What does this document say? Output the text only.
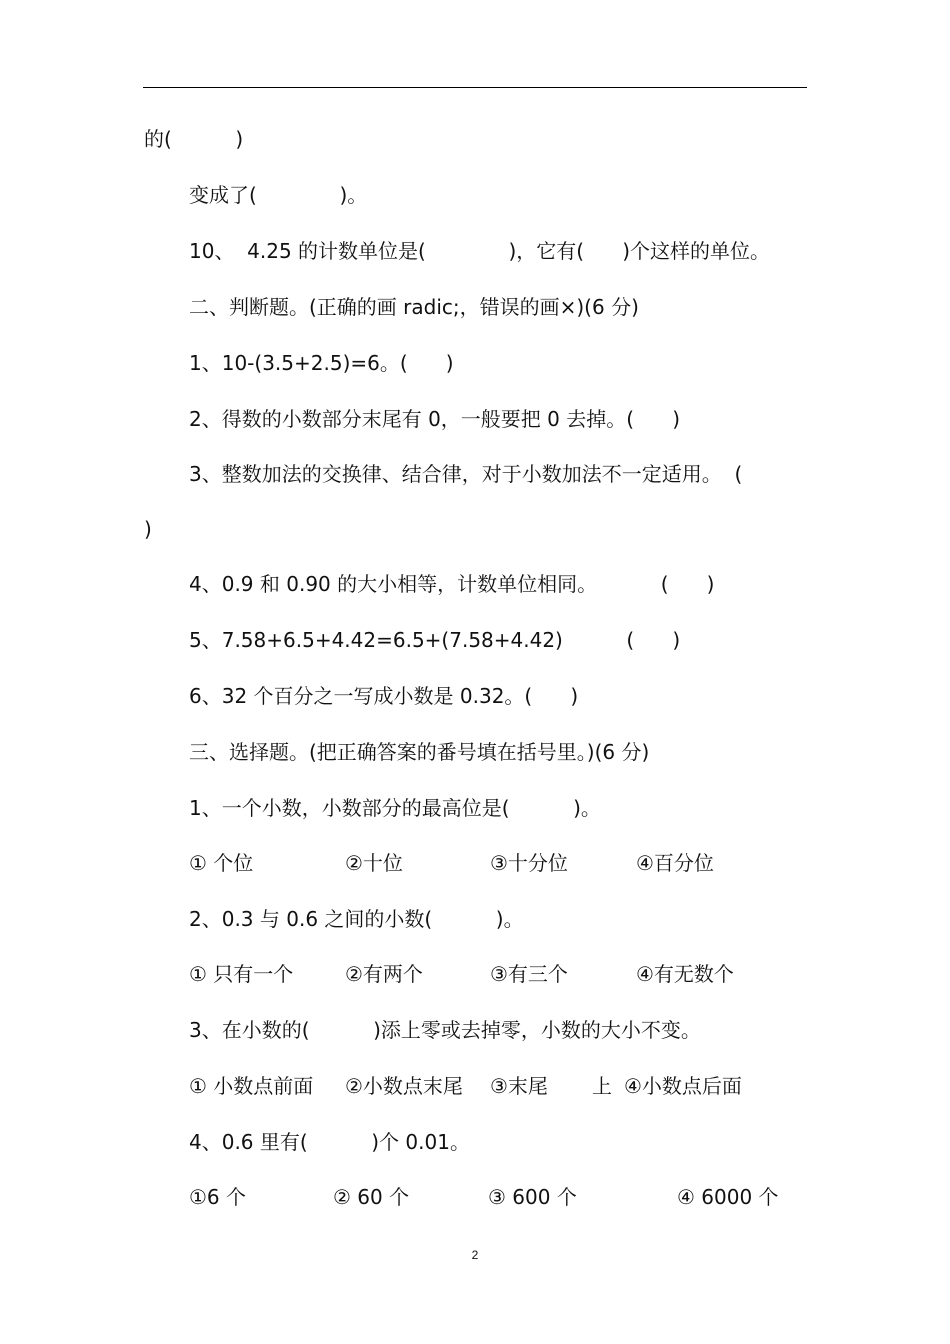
的(          )
变成了(             )。
10、  4.25 的计数单位是(             )，它有(      )个这样的单位。
二、判断题。(正确的画 radic;，错误的画×)(6 分)
1、10-(3.5+2.5)=6。(      )
2、得数的小数部分末尾有 0，一般要把 0 去掉。(      )
3、整数加法的交换律、结合律，对于小数加法不一定适用。  (
)
4、0.9 和 0.90 的大小相等，计数单位相同。          (      )
5、7.58+6.5+4.42=6.5+(7.58+4.42)          (      )
6、32 个百分之一写成小数是 0.32。(      )
三、选择题。(把正确答案的番号填在括号里。)(6 分)
1、一个小数，小数部分的最高位是(          )。
① 个位	②十位	③十分位	④百分位
2、0.3 与 0.6 之间的小数(          )。
① 只有一个	②有两个	③有三个	④有无数个
3、在小数的(          )添上零或去掉零，小数的大小不变。
① 小数点前面 ②小数点末尾 ③末尾 上 ④小数点后面
4、0.6 里有(          )个 0.01。
①6 个	② 60 个	③ 600 个	④ 6000 个
2
